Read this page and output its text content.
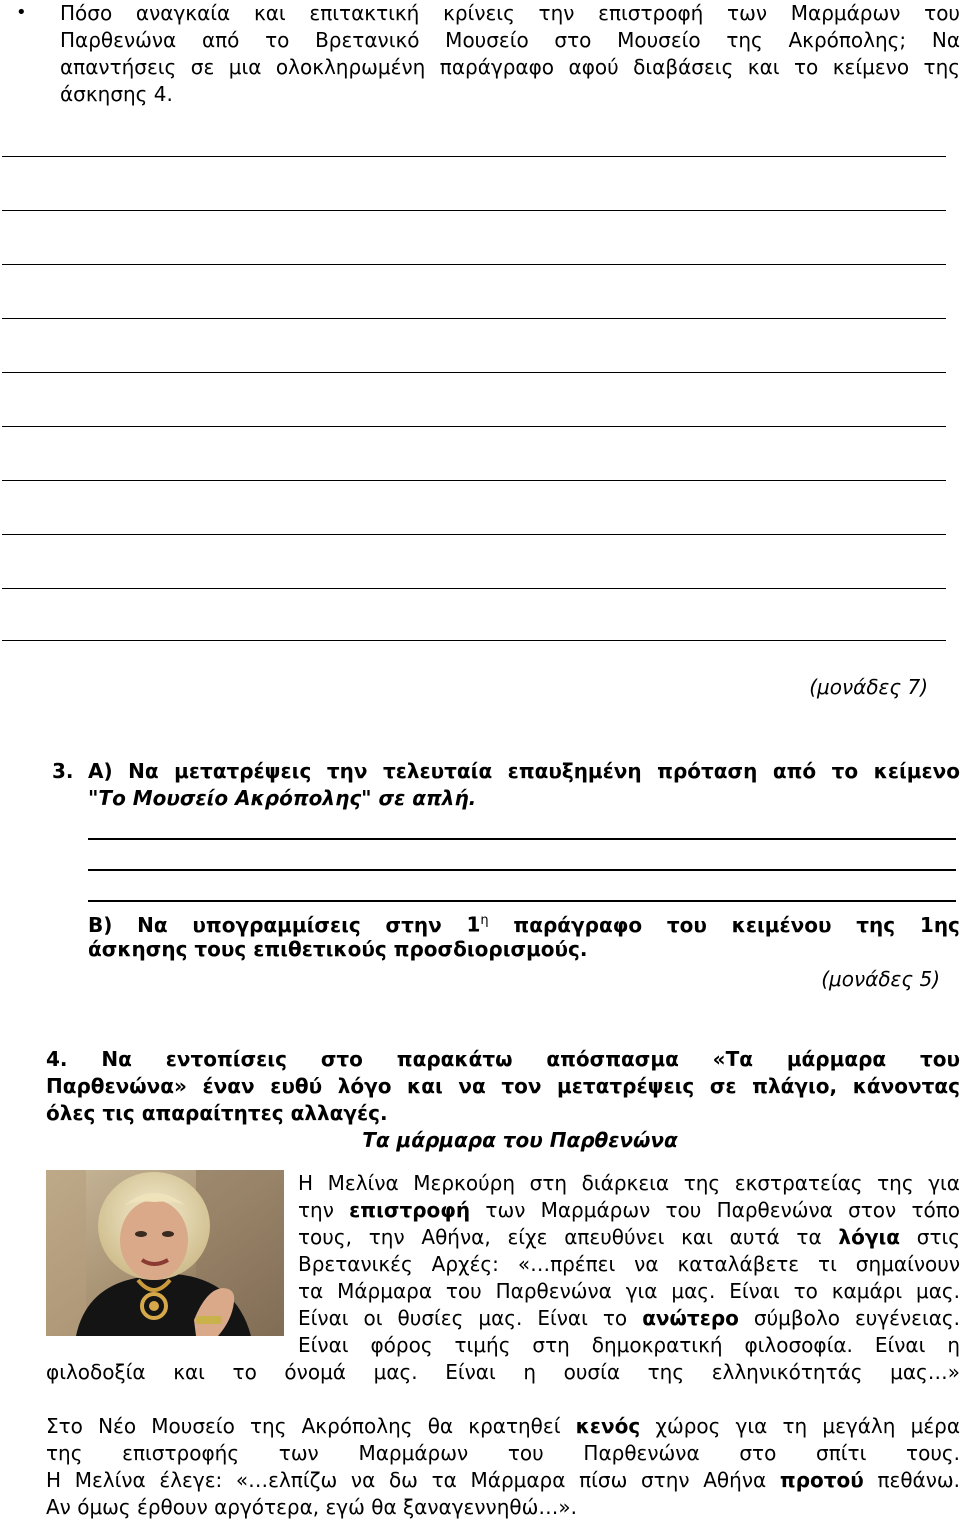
• Πόσο αναγκαία και επιτακτική κρίνεις την επιστροφή των Μαρμάρων του
Παρθενώνα από το Βρετανικό Μουσείο στο Μουσείο της Ακρόπολης; Να
απαντήσεις σε μια ολοκληρωμένη παράγραφο αφού διαβάσεις και το κείμενο της
άσκησης 4.
(μονάδες 7)
3. Α) Να μετατρέψεις την τελευταία επαυξημένη πρόταση από το κείμενο
"Το Μουσείο Ακρόπολης" σε απλή.
Β) Να υπογραμμίσεις στην $1^\eta$ παράγραφο του κειμένου της 1ης
άσκησης τους επιθετικούς προσδιορισμούς.
(μονάδες 5)
4. Να εντοπίσεις στο παρακάτω απόσπασμα «Τα μάρμαρα του
Παρθενώνα» έναν ευθύ λόγο και να τον μετατρέψεις σε πλάγιο, κάνοντας
όλες τις απαραίτητες αλλαγές.
Τα μάρμαρα του Παρθενώνα
Η Μελίνα Μερκούρη στη διάρκεια της εκστρατείας της για
την επιστροφή των Μαρμάρων του Παρθενώνα στον τόπο
τους, την Αθήνα, είχε απευθύνει και αυτά τα λόγια στις
Βρετανικές Αρχές: «…πρέπει να καταλάβετε τι σημαίνουν
τα Μάρμαρα του Παρθενώνα για μας. Είναι το καμάρι μας.
Είναι οι θυσίες μας. Είναι το ανώτερο σύμβολο ευγένειας.
Είναι φόρος τιμής στη δημοκρατική φιλοσοφία. Είναι η
φιλοδοξία και το όνομά μας. Είναι η ουσία της ελληνικότητάς μας…»
Στο Νέο Μουσείο της Ακρόπολης θα κρατηθεί κενός χώρος για τη μεγάλη μέρα
της επιστροφής των Μαρμάρων του Παρθενώνα στο σπίτι τους.
Η Μελίνα έλεγε: «…ελπίζω να δω τα Μάρμαρα πίσω στην Αθήνα προτού πεθάνω.
Αν όμως έρθουν αργότερα, εγώ θα ξαναγεννηθώ…».
